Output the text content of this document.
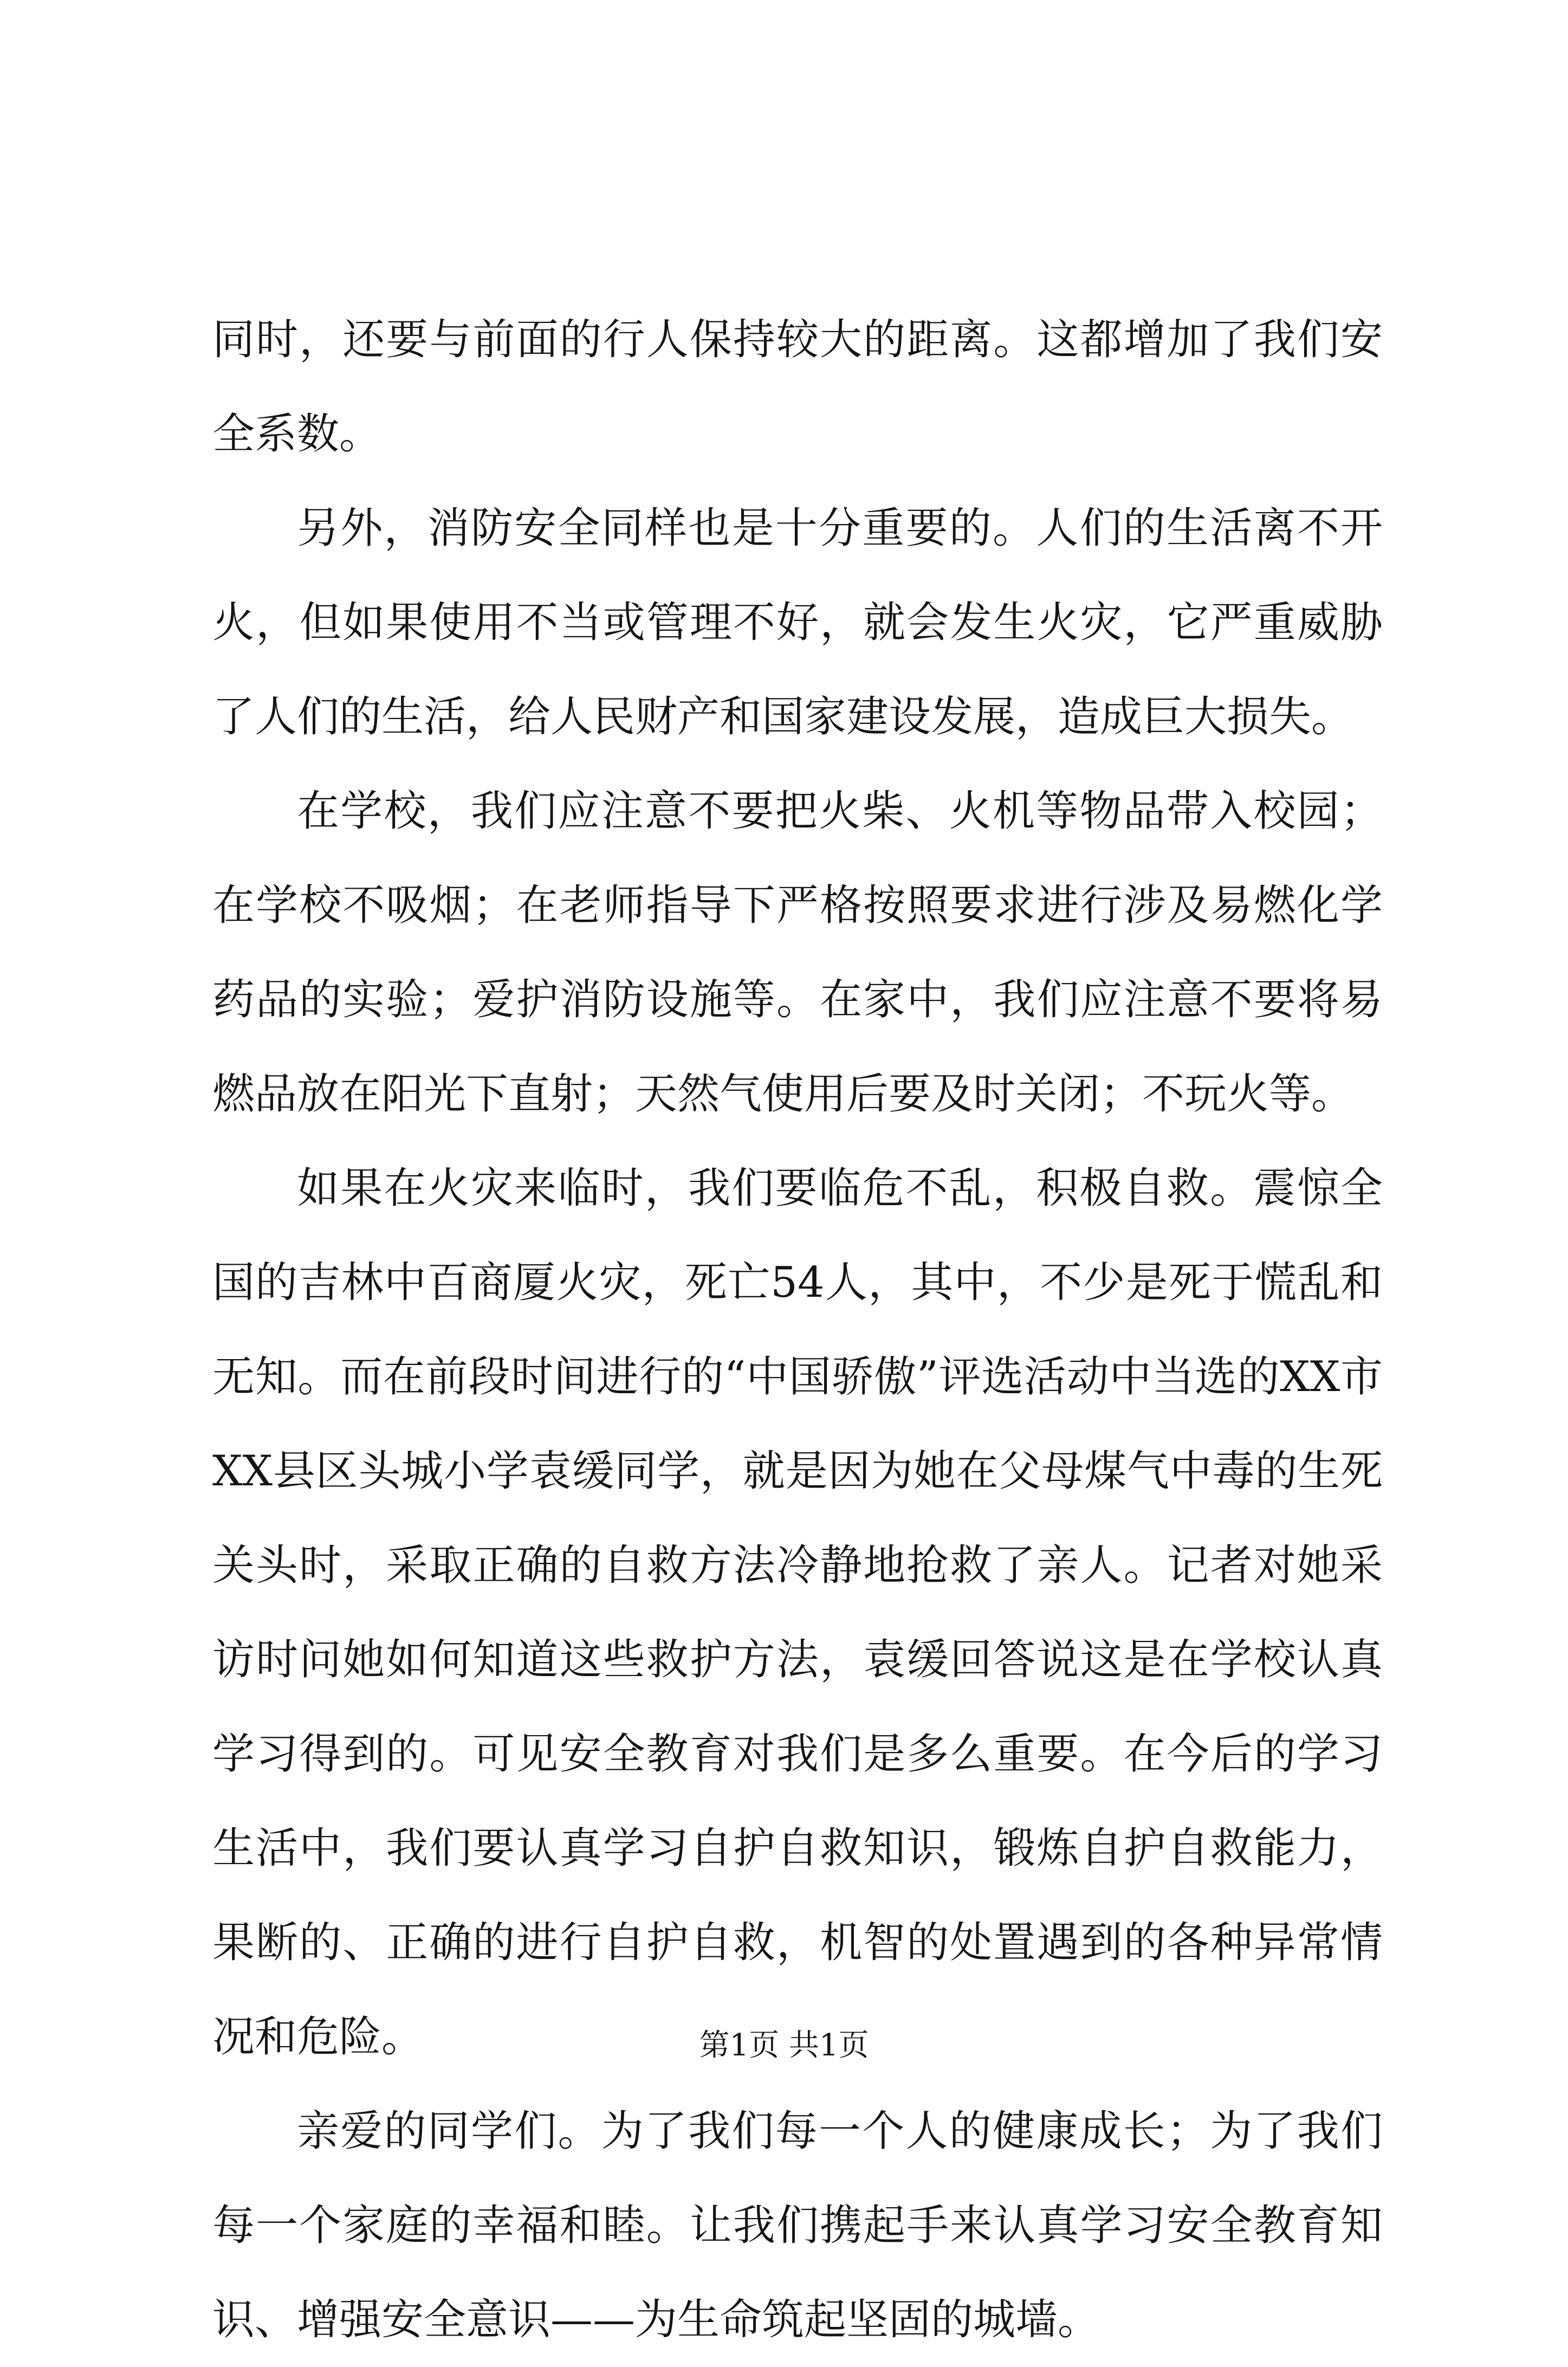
同时，还要与前面的行人保持较大的距离。这都增加了我们安全系数。

另外，消防安全同样也是十分重要的。人们的生活离不开火，但如果使用不当或管理不好，就会发生火灾，它严重威胁了人们的生活，给人民财产和国家建设发展，造成巨大损失。

在学校，我们应注意不要把火柴、火机等物品带入校园；在学校不吸烟；在老师指导下严格按照要求进行涉及易燃化学药品的实验；爱护消防设施等。在家中，我们应注意不要将易燃品放在阳光下直射；天然气使用后要及时关闭；不玩火等。

如果在火灾来临时，我们要临危不乱，积极自救。震惊全国的吉林中百商厦火灾，死亡54人，其中，不少是死于慌乱和无知。而在前段时间进行的“中国骄傲”评选活动中当选的XX市XX县区头城小学袁缓同学，就是因为她在父母煤气中毒的生死关头时，采取正确的自救方法冷静地抢救了亲人。记者对她采访时问她如何知道这些救护方法，袁缓回答说这是在学校认真学习得到的。可见安全教育对我们是多么重要。在今后的学习生活中，我们要认真学习自护自救知识，锻炼自护自救能力，果断的、正确的进行自护自救，机智的处置遇到的各种异常情况和危险。

亲爱的同学们。为了我们每一个人的健康成长；为了我们每一个家庭的幸福和睦。让我们携起手来认真学习安全教育知识、增强安全意识——为生命筑起坚固的城墙。

第1页 共1页
